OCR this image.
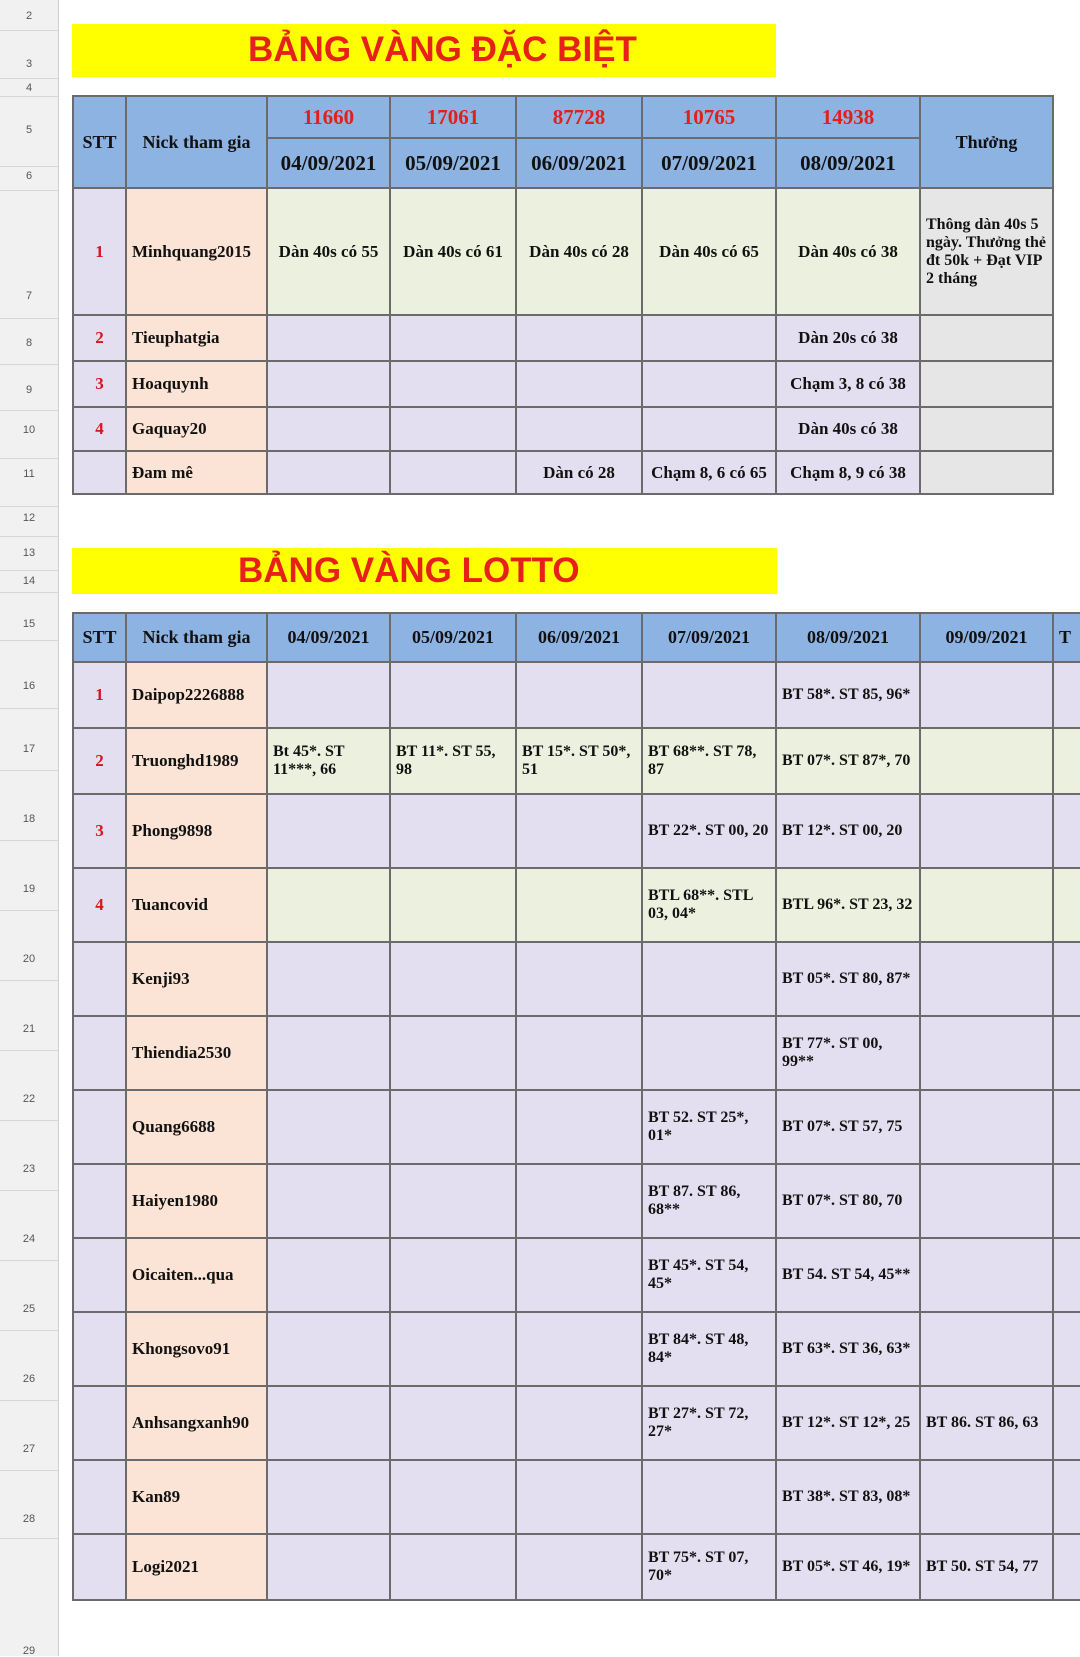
2
3
4
5
6
7
8
9
10
11
12
13
14
15
16
17
18
19
20
21
22
23
24
25
26
27
28
29
BẢNG VÀNG ĐẶC BIỆT
STT	Nick tham gia	11660	17061	87728	10765	14938	Thưởng
		04/09/2021	05/09/2021	06/09/2021	07/09/2021	08/09/2021	
1	Minhquang2015	Dàn 40s có 55	Dàn 40s có 61	Dàn 40s có 28	Dàn 40s có 65	Dàn 40s có 38	Thông dàn 40s 5 ngày. Thưởng thẻ đt 50k + Đạt VIP 2 tháng
2	Tieuphatgia					Dàn 20s có 38	
3	Hoaquynh					Chạm 3, 8 có 38	
4	Gaquay20					Dàn 40s có 38	
	Đam mê			Dàn có 28	Chạm 8, 6 có 65	Chạm 8, 9 có 38	
BẢNG VÀNG LOTTO
STT	Nick tham gia	04/09/2021	05/09/2021	06/09/2021	07/09/2021	08/09/2021	09/09/2021	T
1	Daipop2226888					BT 58*. ST 85, 96*		
2	Truonghd1989	Bt 45*. ST 11***, 66	BT 11*. ST 55, 98	BT 15*. ST 50*, 51	BT 68**. ST 78, 87	BT 07*. ST 87*, 70		
3	Phong9898				BT 22*. ST 00, 20	BT 12*. ST 00, 20		
4	Tuancovid				BTL 68**. STL 03, 04*	BTL 96*. ST 23, 32		
	Kenji93					BT 05*. ST 80, 87*		
	Thiendia2530					BT 77*. ST 00, 99**		
	Quang6688				BT 52. ST 25*, 01*	BT 07*. ST 57, 75		
	Haiyen1980				BT 87. ST 86, 68**	BT 07*. ST 80, 70		
	Oicaiten...qua				BT 45*. ST 54, 45*	BT 54. ST 54, 45**		
	Khongsovo91				BT 84*. ST 48, 84*	BT 63*. ST 36, 63*		
	Anhsangxanh90				BT 27*. ST 72, 27*	BT 12*. ST 12*, 25	BT 86. ST 86, 63	
	Kan89					BT 38*. ST 83, 08*		
	Logi2021				BT 75*. ST 07, 70*	BT 05*. ST 46, 19*	BT 50. ST 54, 77	
